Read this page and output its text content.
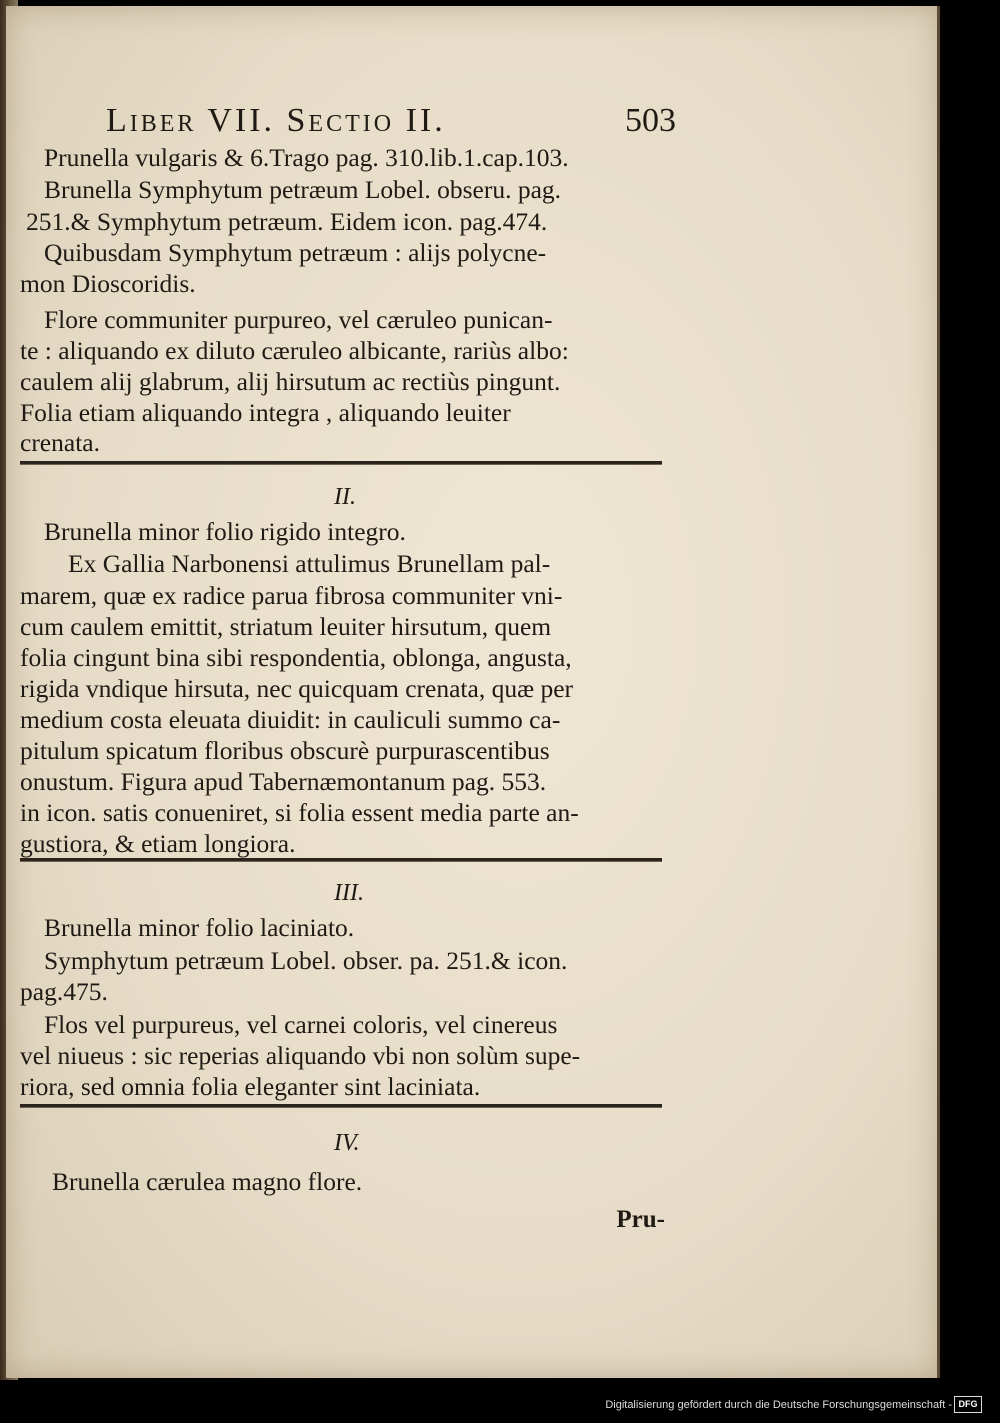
Liber VII. Sectio II.	503
Prunella vulgaris & 6.Trago pag. 310.lib.1.cap.103.
Brunella Symphytum petræum Lobel. obseru. pag.
251.& Symphytum petræum. Eidem icon. pag.474.
Quibusdam Symphytum petræum : alijs polycne-
mon Dioscoridis.
Flore communiter purpureo, vel cæruleo punican-
te : aliquando ex diluto cæruleo albicante, rariùs albo:
caulem alij glabrum, alij hirsutum ac rectiùs pingunt.
Folia etiam aliquando integra , aliquando leuiter
crenata.
II.
Brunella minor folio rigido integro.
Ex Gallia Narbonensi attulimus Brunellam pal-
marem, quæ ex radice parua fibrosa communiter vni-
cum caulem emittit, striatum leuiter hirsutum, quem
folia cingunt bina sibi respondentia, oblonga, angusta,
rigida vndique hirsuta, nec quicquam crenata, quæ per
medium costa eleuata diuidit: in cauliculi summo ca-
pitulum spicatum floribus obscurè purpurascentibus
onustum. Figura apud Tabernæmontanum pag. 553.
in icon. satis conueniret, si folia essent media parte an-
gustiora, & etiam longiora.
III.
Brunella minor folio laciniato.
Symphytum petræum Lobel. obser. pa. 251.& icon.
pag.475.
Flos vel purpureus, vel carnei coloris, vel cinereus
vel niueus : sic reperias aliquando vbi non solùm supe-
riora, sed omnia folia eleganter sint laciniata.
IV.
Brunella cærulea magno flore.
Pru-
Digitalisierung gefördert durch die Deutsche Forschungsgemeinschaft - DFG
